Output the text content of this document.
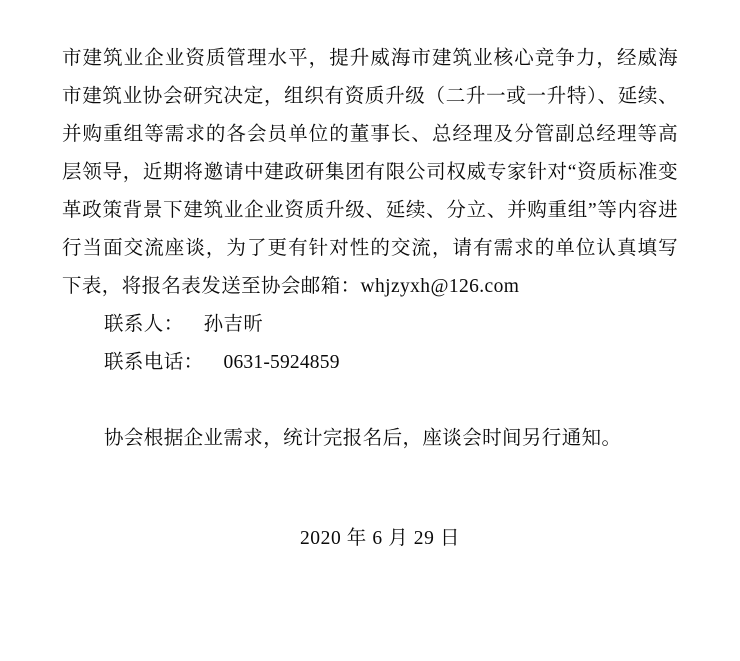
市建筑业企业资质管理水平，提升威海市建筑业核心竞争力，经威海市建筑业协会研究决定，组织有资质升级（二升一或一升特）、延续、并购重组等需求的各会员单位的董事长、总经理及分管副总经理等高层领导，近期将邀请中建政研集团有限公司权威专家针对“资质标准变革政策背景下建筑业企业资质升级、延续、分立、并购重组”等内容进行当面交流座谈，为了更有针对性的交流，请有需求的单位认真填写下表，将报名表发送至协会邮箱：whjzyxh@126.com

联系人： 孙吉昕

联系电话： 0631-5924859

协会根据企业需求，统计完报名后，座谈会时间另行通知。

2020 年 6 月 29 日
